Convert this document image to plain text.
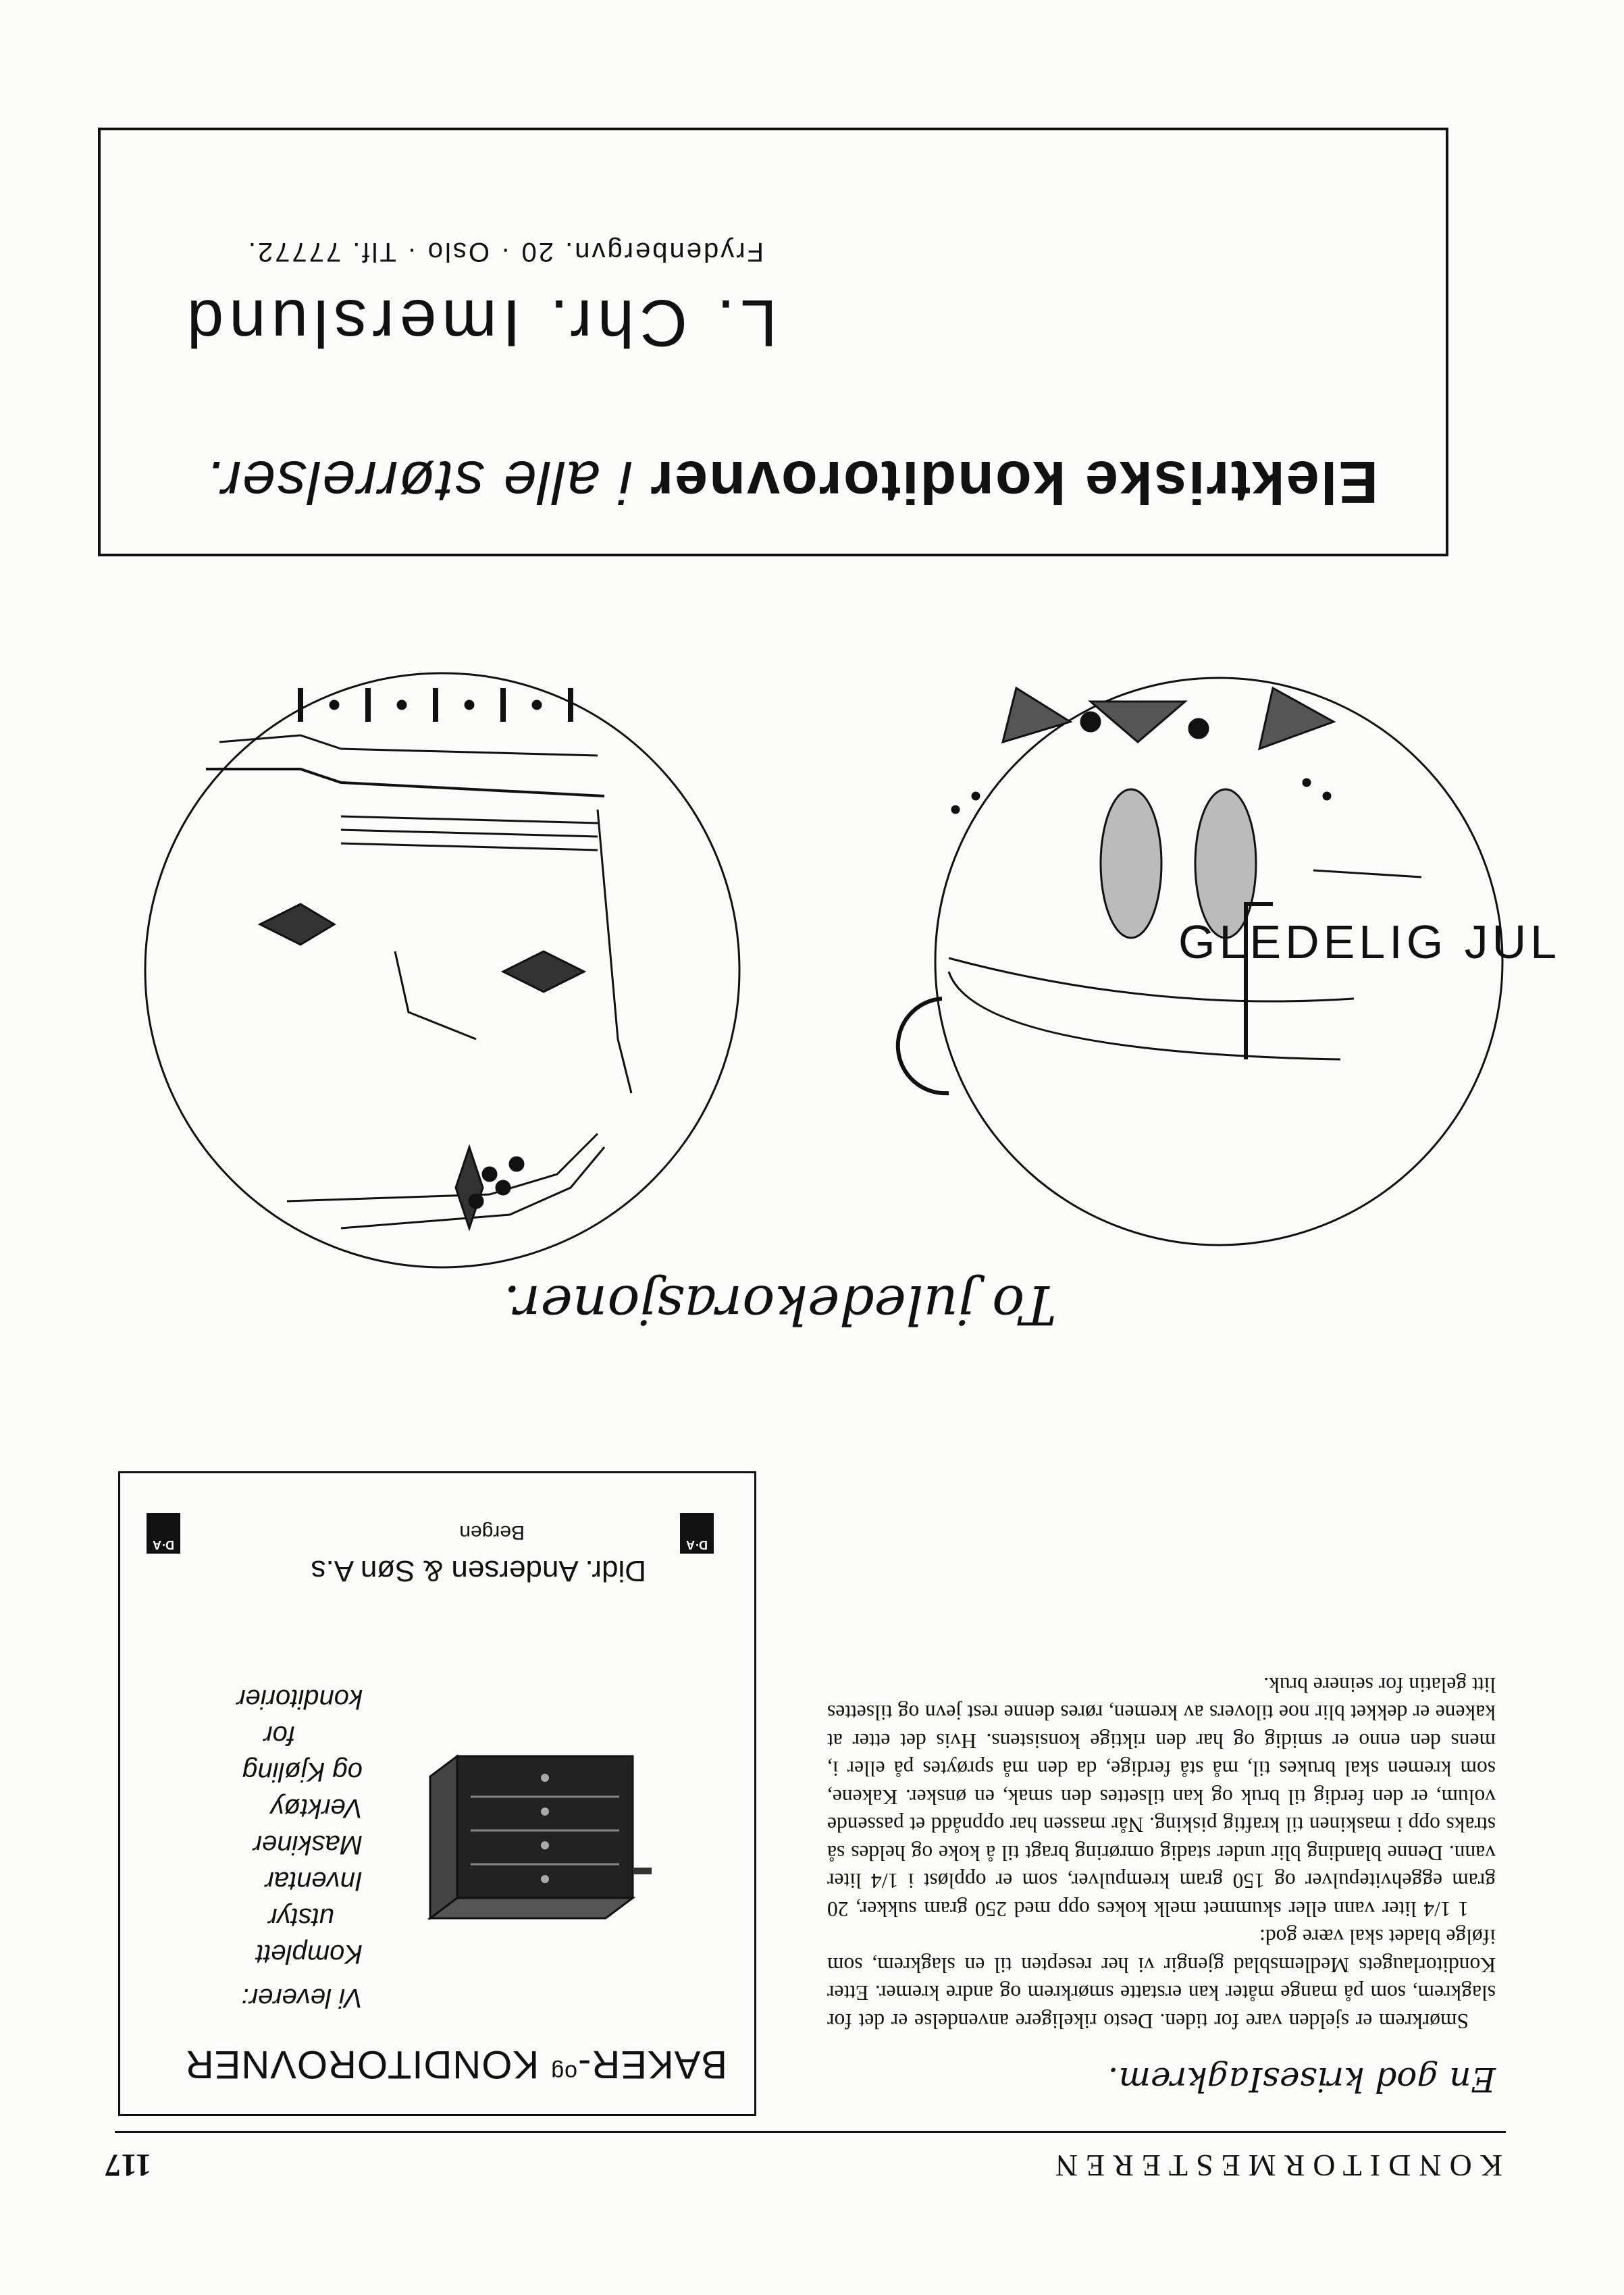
KONDITORMESTEREN
117
En god krisesIagkrem.

Smørkrem er sjelden vare for tiden. Desto rikeligere anvendelse er det for slagkrem, som på mange måter kan erstatte smørkrem og andre kremer. Etter Konditorlaugets Medlemsblad gjengir vi her resepten til en slagkrem, som ifølge bladet skal være god:

1 1/4 liter vann eller skummet melk kokes opp med 250 gram sukker, 20 gram eggehvitepulver og 150 gram krempulver, som er oppløst i 1/4 liter vann. Denne blanding blir under stadig omrøring bragt til å koke og heldes så straks opp i maskinen til kraftig pisking. Når massen har oppnådd et passende volum, er den ferdig til bruk og kan tilsettes den smak, en ønsker. Kakene, som kremen skal brukes til, må stå ferdige, da den må sprøytes på eller i, mens den enno er smidig og har den riktige konsistens. Hvis det etter at kakene er dekket blir noe tilovers av kremen, røres denne rest jevn og tilsettes litt gelatin for seinere bruk.

BAKER-$^{og}$ KONDITOROVNER
Vi leverer:
Komplett
utstyr
Inventar
Maskiner
Verktøy
og Kjøling
for
konditorier
Didr. Andersen & Søn A.s
Bergen
D·A
D·A
To juledekorasjoner.
GLEDELIG JUL
Elektriske konditorovner i alle størrelser.
L. Chr. Imerslund
Frydenbergvn. 20 · Oslo · Tlf. 77772.
